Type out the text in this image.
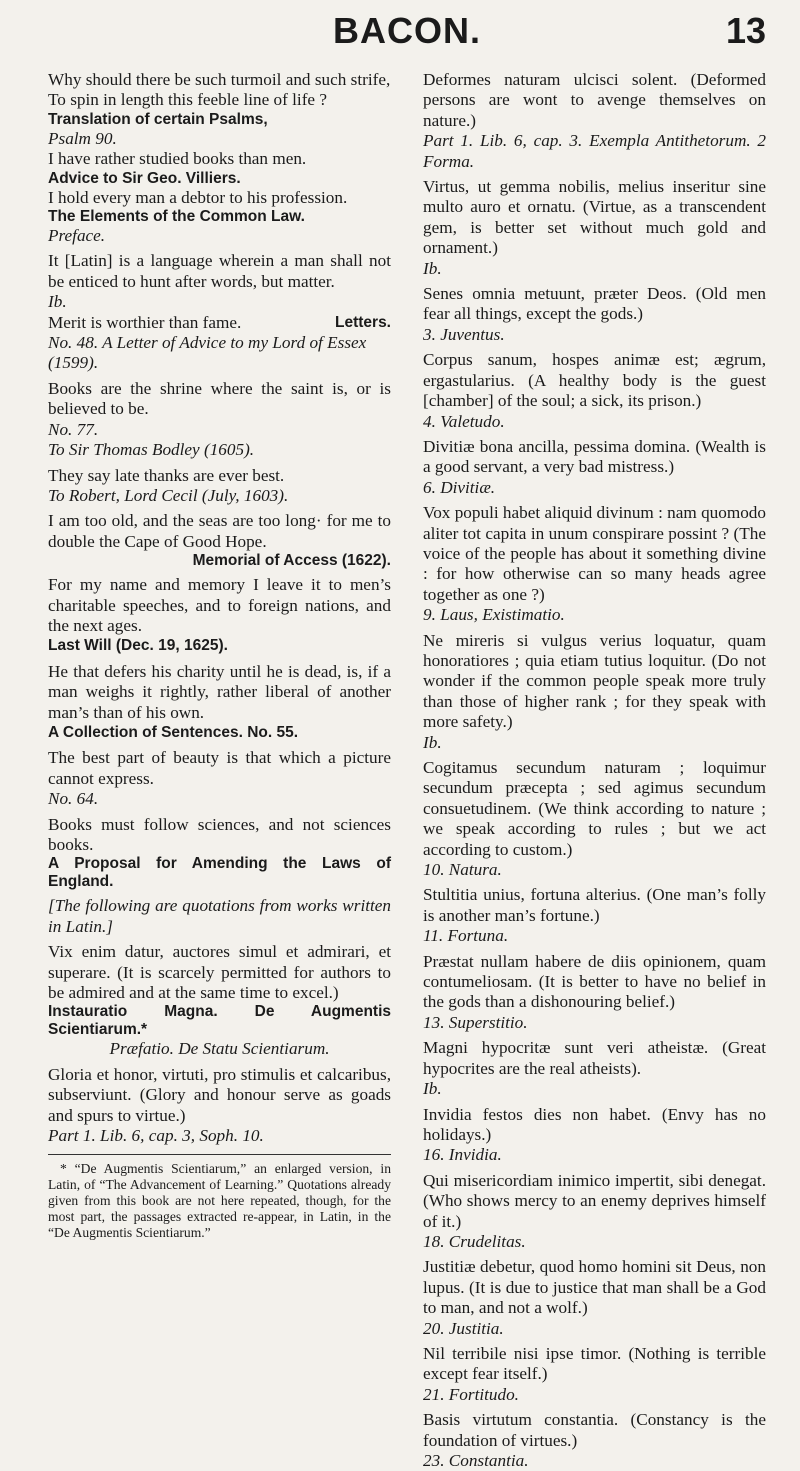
BACON.	13

Why should there be such turmoil and such strife,

To spin in length this feeble line of life ?

Translation of certain Psalms,

Psalm 90.

I have rather studied books than men.

Advice to Sir Geo. Villiers.

I hold every man a debtor to his profession.

The Elements of the Common Law.

Preface.

It [Latin] is a language wherein a man shall not be enticed to hunt after words, but matter.

Ib.

Merit is worthier than fame.	Letters.

No. 48. A Letter of Advice to my Lord of Essex (1599).

Books are the shrine where the saint is, or is believed to be.

No. 77.

To Sir Thomas Bodley (1605).

They say late thanks are ever best.

To Robert, Lord Cecil (July, 1603).

I am too old, and the seas are too long· for me to double the Cape of Good Hope.

Memorial of Access (1622).

For my name and memory I leave it to men’s charitable speeches, and to foreign nations, and the next ages.

Last Will (Dec. 19, 1625).

He that defers his charity until he is dead, is, if a man weighs it rightly, rather liberal of another man’s than of his own.

A Collection of Sentences. No. 55.

The best part of beauty is that which a picture cannot express.

No. 64.

Books must follow sciences, and not sciences books.

A Proposal for Amending the Laws of England.

[The following are quotations from works written in Latin.]

Vix enim datur, auctores simul et admirari, et superare. (It is scarcely permitted for authors to be admired and at the same time to excel.)

Instauratio Magna. De Augmentis Scientiarum.*

Præfatio. De Statu Scientiarum.

Gloria et honor, virtuti, pro stimulis et calcaribus, subserviunt. (Glory and honour serve as goads and spurs to virtue.)

Part 1. Lib. 6, cap. 3, Soph. 10.

* “De Augmentis Scientiarum,” an enlarged version, in Latin, of “The Advancement of Learning.” Quotations already given from this book are not here repeated, though, for the most part, the passages extracted re-appear, in Latin, in the “De Augmentis Scientiarum.”

Deformes naturam ulcisci solent. (Deformed persons are wont to avenge themselves on nature.)

Part 1. Lib. 6, cap. 3. Exempla Antithetorum. 2 Forma.

Virtus, ut gemma nobilis, melius inseritur sine multo auro et ornatu. (Virtue, as a transcendent gem, is better set without much gold and ornament.)

Ib.

Senes omnia metuunt, præter Deos. (Old men fear all things, except the gods.)

3. Juventus.

Corpus sanum, hospes animæ est; ægrum, ergastularius. (A healthy body is the guest [chamber] of the soul; a sick, its prison.)

4. Valetudo.

Divitiæ bona ancilla, pessima domina. (Wealth is a good servant, a very bad mistress.)

6. Divitiæ.

Vox populi habet aliquid divinum : nam quomodo aliter tot capita in unum conspirare possint ? (The voice of the people has about it something divine : for how otherwise can so many heads agree together as one ?)

9. Laus, Existimatio.

Ne mireris si vulgus verius loquatur, quam honoratiores ; quia etiam tutius loquitur. (Do not wonder if the common people speak more truly than those of higher rank ; for they speak with more safety.)

Ib.

Cogitamus secundum naturam ; loquimur secundum præcepta ; sed agimus secundum consuetudinem. (We think according to nature ; we speak according to rules ; but we act according to custom.)

10. Natura.

Stultitia unius, fortuna alterius. (One man’s folly is another man’s fortune.)

11. Fortuna.

Præstat nullam habere de diis opinionem, quam contumeliosam. (It is better to have no belief in the gods than a dishonouring belief.)

13. Superstitio.

Magni hypocritæ sunt veri atheistæ. (Great hypocrites are the real atheists).

Ib.

Invidia festos dies non habet. (Envy has no holidays.)

16. Invidia.

Qui misericordiam inimico impertit, sibi denegat. (Who shows mercy to an enemy deprives himself of it.)

18. Crudelitas.

Justitiæ debetur, quod homo homini sit Deus, non lupus. (It is due to justice that man shall be a God to man, and not a wolf.)

20. Justitia.

Nil terribile nisi ipse timor. (Nothing is terrible except fear itself.)

21. Fortitudo.

Basis virtutum constantia. (Constancy is the foundation of virtues.)

23. Constantia.
